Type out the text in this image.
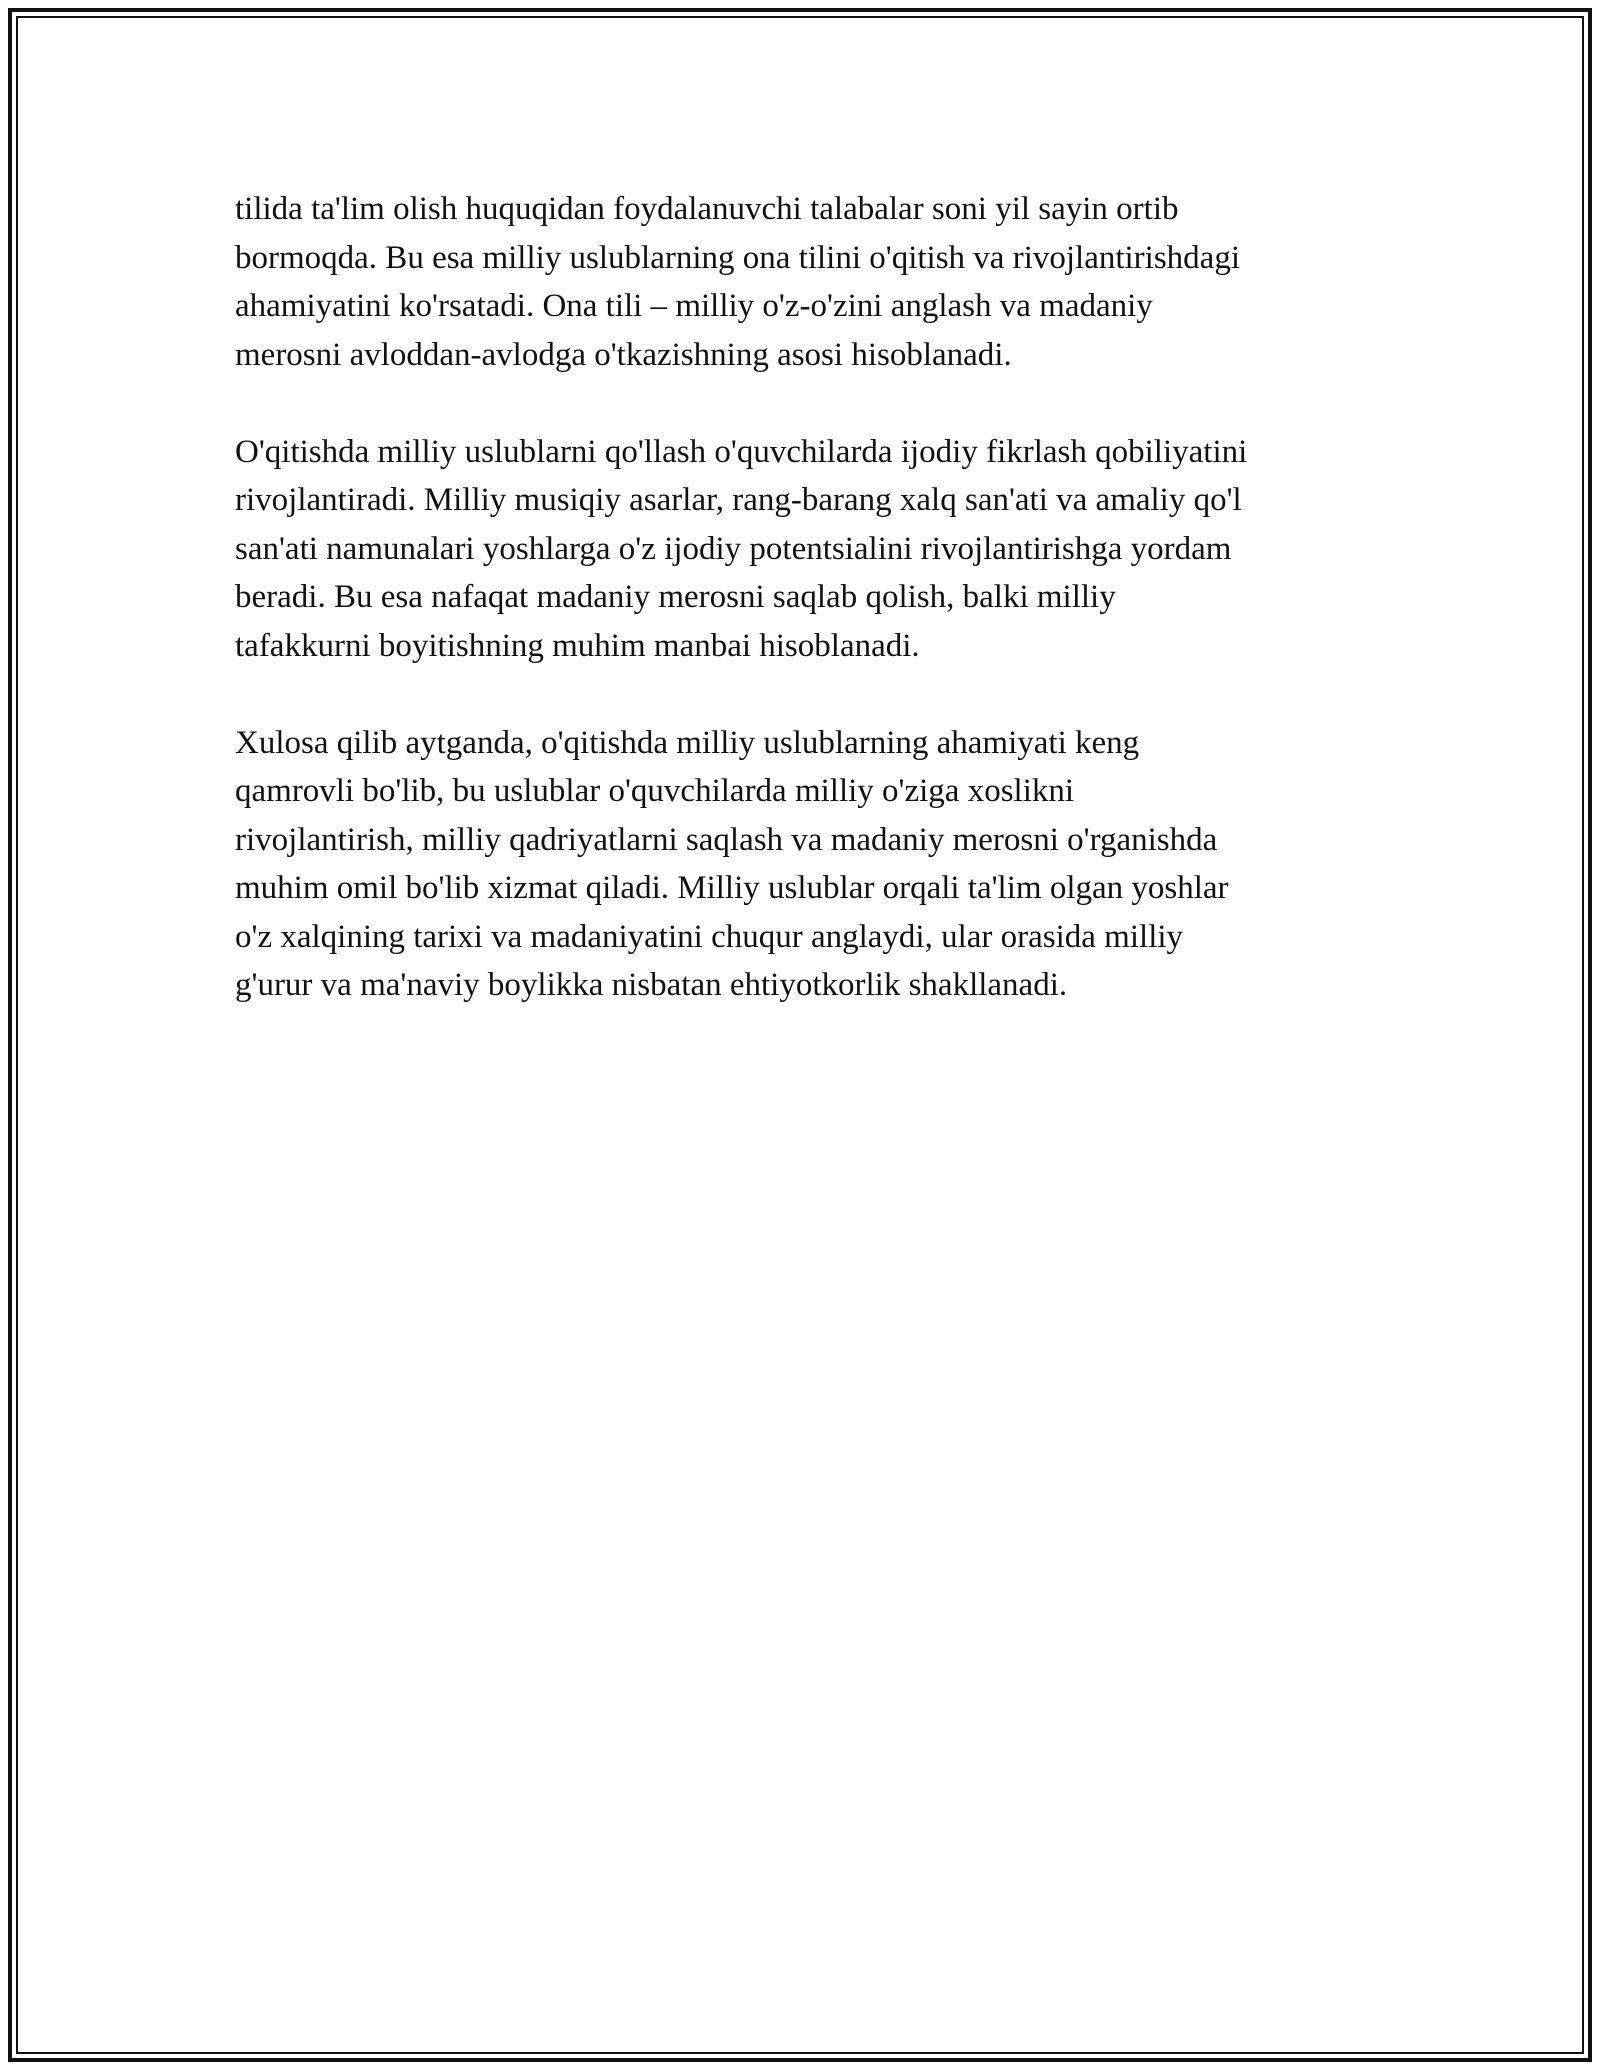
tilida ta'lim olish huquqidan foydalanuvchi talabalar soni yil sayin ortib
bormoqda. Bu esa milliy uslublarning ona tilini o'qitish va rivojlantirishdagi
ahamiyatini ko'rsatadi. Ona tili – milliy o'z-o'zini anglash va madaniy
merosni avloddan-avlodga o'tkazishning asosi hisoblanadi.

O'qitishda milliy uslublarni qo'llash o'quvchilarda ijodiy fikrlash qobiliyatini
rivojlantiradi. Milliy musiqiy asarlar, rang-barang xalq san'ati va amaliy qo'l
san'ati namunalari yoshlarga o'z ijodiy potentsialini rivojlantirishga yordam
beradi. Bu esa nafaqat madaniy merosni saqlab qolish, balki milliy
tafakkurni boyitishning muhim manbai hisoblanadi.

Xulosa qilib aytganda, o'qitishda milliy uslublarning ahamiyati keng
qamrovli bo'lib, bu uslublar o'quvchilarda milliy o'ziga xoslikni
rivojlantirish, milliy qadriyatlarni saqlash va madaniy merosni o'rganishda
muhim omil bo'lib xizmat qiladi. Milliy uslublar orqali ta'lim olgan yoshlar
o'z xalqining tarixi va madaniyatini chuqur anglaydi, ular orasida milliy
g'urur va ma'naviy boylikka nisbatan ehtiyotkorlik shakllanadi.
